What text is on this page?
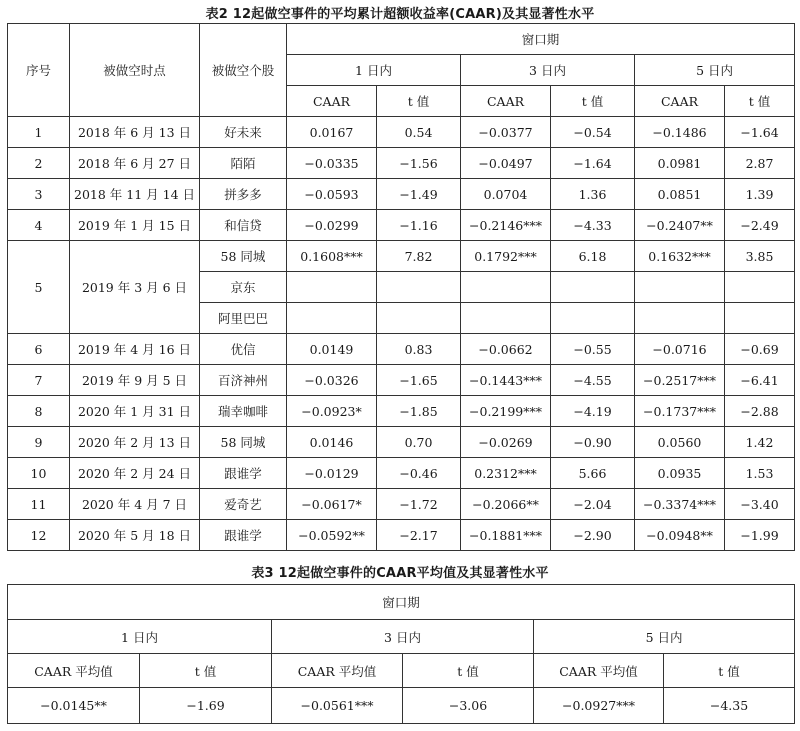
表2 12起做空事件的平均累计超额收益率(CAAR)及其显著性水平
序号	被做空时点	被做空个股	窗口期					
			1 日内		3 日内		5 日内	
			CAAR	t 值	CAAR	t 值	CAAR	t 值
1	2018 年 6 月 13 日	好未来	0.0167	0.54	−0.0377	−0.54	−0.1486	−1.64
2	2018 年 6 月 27 日	陌陌	−0.0335	−1.56	−0.0497	−1.64	0.0981	2.87
3	2018 年 11 月 14 日	拼多多	−0.0593	−1.49	0.0704	1.36	0.0851	1.39
4	2019 年 1 月 15 日	和信贷	−0.0299	−1.16	−0.2146***	−4.33	−0.2407**	−2.49
5	2019 年 3 月 6 日	58 同城	0.1608***	7.82	0.1792***	6.18	0.1632***	3.85
		京东						
		阿里巴巴						
6	2019 年 4 月 16 日	优信	0.0149	0.83	−0.0662	−0.55	−0.0716	−0.69
7	2019 年 9 月 5 日	百济神州	−0.0326	−1.65	−0.1443***	−4.55	−0.2517***	−6.41
8	2020 年 1 月 31 日	瑞幸咖啡	−0.0923*	−1.85	−0.2199***	−4.19	−0.1737***	−2.88
9	2020 年 2 月 13 日	58 同城	0.0146	0.70	−0.0269	−0.90	0.0560	1.42
10	2020 年 2 月 24 日	跟谁学	−0.0129	−0.46	0.2312***	5.66	0.0935	1.53
11	2020 年 4 月 7 日	爱奇艺	−0.0617*	−1.72	−0.2066**	−2.04	−0.3374***	−3.40
12	2020 年 5 月 18 日	跟谁学	−0.0592**	−2.17	−0.1881***	−2.90	−0.0948**	−1.99
表3 12起做空事件的CAAR平均值及其显著性水平
窗口期					
1 日内		3 日内		5 日内	
CAAR 平均值	t 值	CAAR 平均值	t 值	CAAR 平均值	t 值
−0.0145**	−1.69	−0.0561***	−3.06	−0.0927***	−4.35
